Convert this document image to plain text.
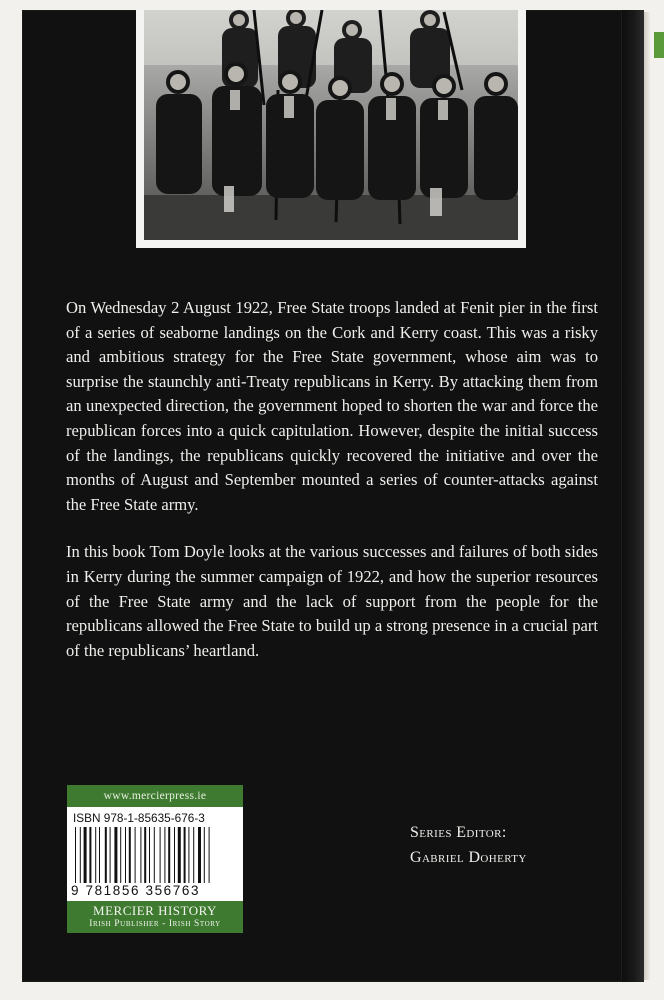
On Wednesday 2 August 1922, Free State troops landed at Fenit pier in the first of a series of seaborne landings on the Cork and Kerry coast. This was a risky and ambitious strategy for the Free State government, whose aim was to surprise the staunchly anti-Treaty republicans in Kerry. By attacking them from an unexpected direction, the government hoped to shorten the war and force the republican forces into a quick capitulation. However, despite the initial success of the landings, the republicans quickly recovered the initiative and over the months of August and September mounted a series of counter-attacks against the Free State army.

In this book Tom Doyle looks at the various successes and failures of both sides in Kerry during the summer campaign of 1922, and how the superior resources of the Free State army and the lack of support from the people for the republicans allowed the Free State to build up a strong presence in a crucial part of the republicans’ heartland.

www.mercierpress.ie
ISBN 978-1-85635-676-3
9 781856 356763
MERCIER HISTORY
Irish Publisher - Irish Story
Series Editor:
Gabriel Doherty
